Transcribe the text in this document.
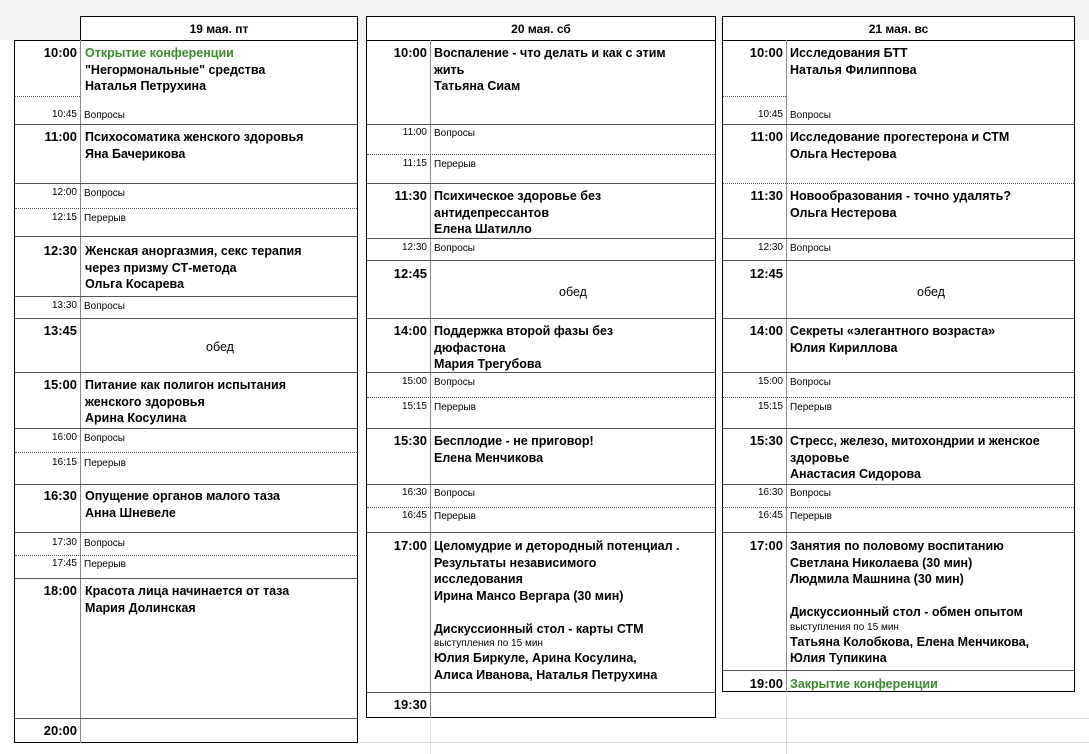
19 мая. пт
10:00 Открытие конференции
"Негормональные" средства
Наталья Петрухина
10:45 Вопросы
11:00 Психосоматика женского здоровья
Яна Бачерикова
12:00 Вопросы
12:15 Перерыв
12:30 Женская аноргазмия, секс терапия
через призму СТ-метода
Ольга Косарева
13:30 Вопросы
13:45
обед
15:00 Питание как полигон испытания
женского здоровья
Арина Косулина
16:00 Вопросы
16:15 Перерыв
16:30 Опущение органов малого таза
Анна Шневеле
17:30 Вопросы
17:45 Перерыв
18:00 Красота лица начинается от таза
Мария Долинская
20:00
20 мая. сб
10:00 Воспаление - что делать и как с этим
жить
Татьяна Сиам
11:00 Вопросы
11:15 Перерыв
11:30 Психическое здоровье без
антидепрессантов
Елена Шатилло
12:30 Вопросы
12:45
обед
14:00 Поддержка второй фазы без
дюфастона
Мария Трегубова
15:00 Вопросы
15:15 Перерыв
15:30 Бесплодие - не приговор!
Елена Менчикова
16:30 Вопросы
16:45 Перерыв
17:00 Целомудрие и детородный потенциал .
Результаты независимого
исследования
Ирина Мансо Вергара (30 мин)

Дискуссионный стол - карты СТМ
выступления по 15 мин
Юлия Биркуле, Арина Косулина,
Алиса Иванова, Наталья Петрухина
19:30
21 мая. вс
10:00 Исследования БТТ
Наталья Филиппова
10:45 Вопросы
11:00 Исследование прогестерона и СТМ
Ольга Нестерова
11:30 Новообразования - точно удалять?
Ольга Нестерова
12:30 Вопросы
12:45
обед
14:00 Секреты «элегантного возраста»
Юлия Кириллова
15:00 Вопросы
15:15 Перерыв
15:30 Стресс, железо, митохондрии и женское
здоровье
Анастасия Сидорова
16:30 Вопросы
16:45 Перерыв
17:00 Занятия по половому воспитанию
Светлана Николаева (30 мин)
Людмила Машнина (30 мин)

Дискуссионный стол - обмен опытом
выступления по 15 мин
Татьяна Колобкова, Елена Менчикова,
Юлия Тупикина
19:00 Закрытие конференции
